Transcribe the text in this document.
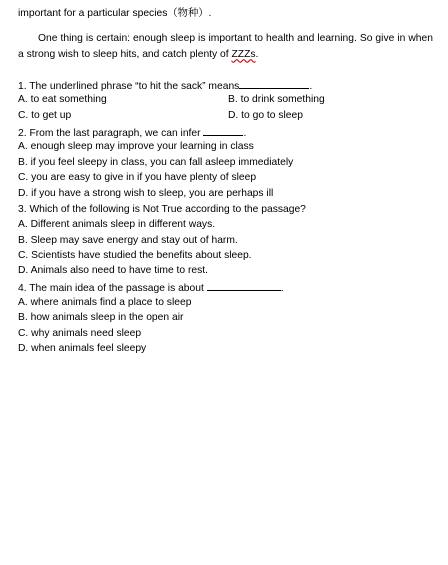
important for a particular species（物种）.
One thing is certain: enough sleep is important to health and learning. So give in when a strong wish to sleep hits, and catch plenty of ZZZs.
1. The underlined phrase “to hit the sack” means	.
A. to eat something	B. to drink something
C. to get up	D. to go to sleep
2. From the last paragraph, we can infer	.
A. enough sleep may improve your learning in class
B. if you feel sleepy in class, you can fall asleep immediately
C. you are easy to give in if you have plenty of sleep
D. if you have a strong wish to sleep, you are perhaps ill
3. Which of the following is Not True according to the passage?
A. Different animals sleep in different ways.
B. Sleep may save energy and stay out of harm.
C. Scientists have studied the benefits about sleep.
D. Animals also need to have time to rest.
4. The main idea of the passage is about	.
A. where animals find a place to sleep
B. how animals sleep in the open air
C. why animals need sleep
D. when animals feel sleepy
